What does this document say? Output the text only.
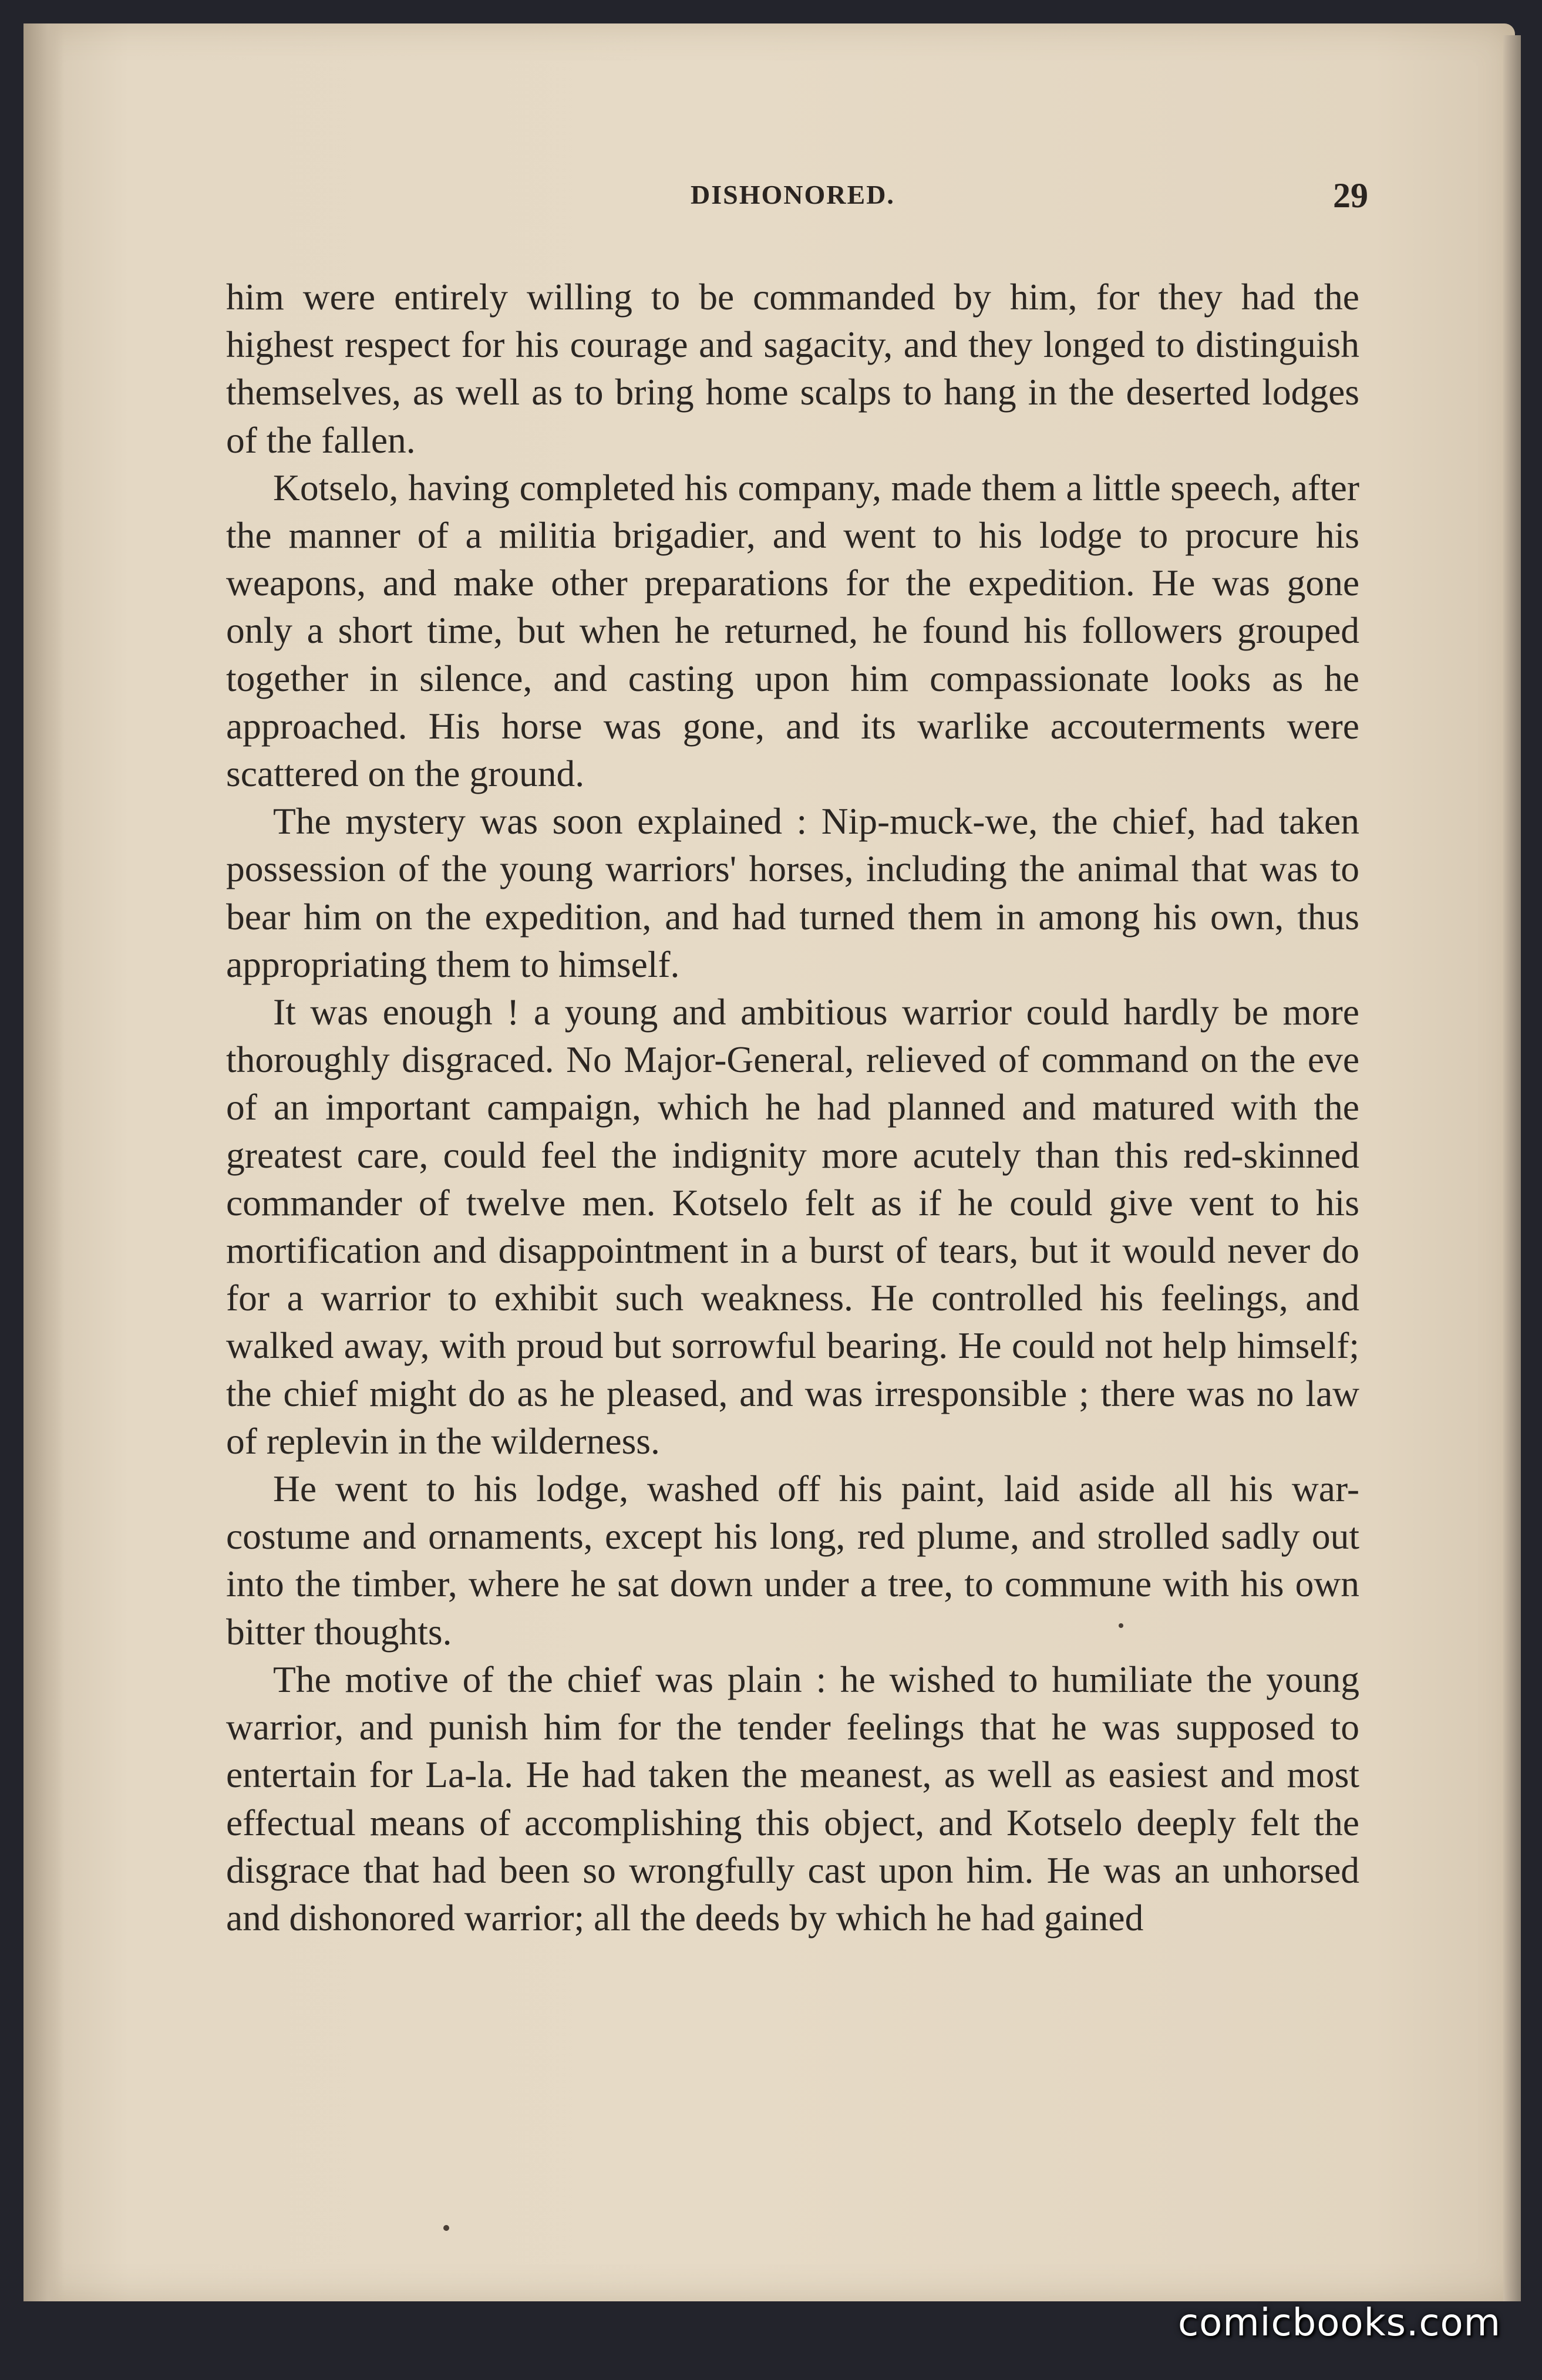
DISHONORED.	29

him were entirely willing to be commanded by him, for they had the highest respect for his courage and sagacity, and they longed to distinguish themselves, as well as to bring home scalps to hang in the deserted lodges of the fallen.

Kotselo, having completed his company, made them a little speech, after the manner of a militia brigadier, and went to his lodge to procure his weapons, and make other preparations for the expedition. He was gone only a short time, but when he returned, he found his followers grouped together in silence, and casting upon him compassionate looks as he approached. His horse was gone, and its warlike accouterments were scattered on the ground.

The mystery was soon explained : Nip-muck-we, the chief, had taken possession of the young warriors' horses, including the animal that was to bear him on the expedition, and had turned them in among his own, thus appropriating them to himself.

It was enough ! a young and ambitious warrior could hardly be more thoroughly disgraced. No Major-General, relieved of command on the eve of an important campaign, which he had planned and matured with the greatest care, could feel the indignity more acutely than this red-skinned commander of twelve men. Kotselo felt as if he could give vent to his mortification and disappointment in a burst of tears, but it would never do for a warrior to exhibit such weakness. He controlled his feelings, and walked away, with proud but sorrowful bearing. He could not help himself; the chief might do as he pleased, and was irresponsible ; there was no law of replevin in the wilderness.

He went to his lodge, washed off his paint, laid aside all his war-costume and ornaments, except his long, red plume, and strolled sadly out into the timber, where he sat down under a tree, to commune with his own bitter thoughts.

The motive of the chief was plain : he wished to humiliate the young warrior, and punish him for the tender feelings that he was supposed to entertain for La-la. He had taken the meanest, as well as easiest and most effectual means of accomplishing this object, and Kotselo deeply felt the disgrace that had been so wrongfully cast upon him. He was an unhorsed and dishonored warrior; all the deeds by which he had gained

comicbooks.com
